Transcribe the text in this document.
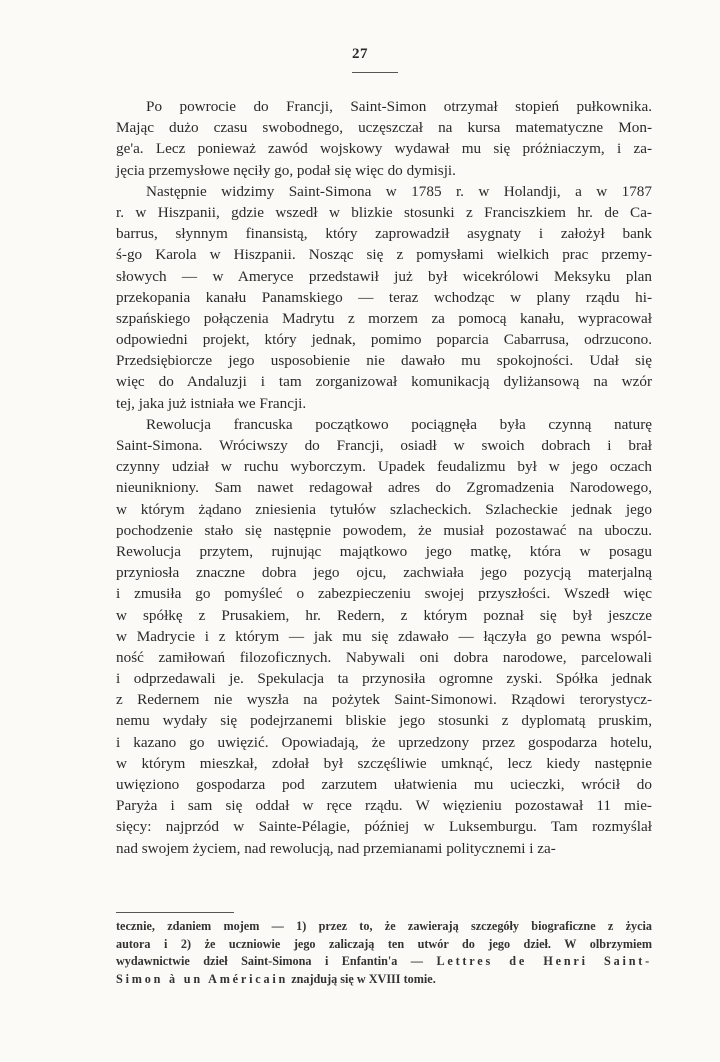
27
Po powrocie do Francji, Saint-Simon otrzymał stopień pułkownika.
Mając dużo czasu swobodnego, uczęszczał na kursa matematyczne Mon-
ge'a. Lecz ponieważ zawód wojskowy wydawał mu się próżniaczym, i za-
jęcia przemysłowe nęciły go, podał się więc do dymisji.
Następnie widzimy Saint-Simona w 1785 r. w Holandji, a w 1787
r. w Hiszpanii, gdzie wszedł w blizkie stosunki z Franciszkiem hr. de Ca-
barrus, słynnym finansistą, który zaprowadził asygnaty i założył bank
ś-go Karola w Hiszpanii. Nosząc się z pomysłami wielkich prac przemy-
słowych — w Ameryce przedstawił już był wicekrólowi Meksyku plan
przekopania kanału Panamskiego — teraz wchodząc w plany rządu hi-
szpańskiego połączenia Madrytu z morzem za pomocą kanału, wypracował
odpowiedni projekt, który jednak, pomimo poparcia Cabarrusa, odrzucono.
Przedsiębiorcze jego usposobienie nie dawało mu spokojności. Udał się
więc do Andaluzji i tam zorganizował komunikacją dyliżansową na wzór
tej, jaka już istniała we Francji.
Rewolucja francuska początkowo pociągnęła była czynną naturę
Saint-Simona. Wróciwszy do Francji, osiadł w swoich dobrach i brał
czynny udział w ruchu wyborczym. Upadek feudalizmu był w jego oczach
nieunikniony. Sam nawet redagował adres do Zgromadzenia Narodowego,
w którym żądano zniesienia tytułów szlacheckich. Szlacheckie jednak jego
pochodzenie stało się następnie powodem, że musiał pozostawać na uboczu.
Rewolucja przytem, rujnując majątkowo jego matkę, która w posagu
przyniosła znaczne dobra jego ojcu, zachwiała jego pozycją materjalną
i zmusiła go pomyśleć o zabezpieczeniu swojej przyszłości. Wszedł więc
w spółkę z Prusakiem, hr. Redern, z którym poznał się był jeszcze
w Madrycie i z którym — jak mu się zdawało — łączyła go pewna wspól-
ność zamiłowań filozoficznych. Nabywali oni dobra narodowe, parcelowali
i odprzedawali je. Spekulacja ta przynosiła ogromne zyski. Spółka jednak
z Redernem nie wyszła na pożytek Saint-Simonowi. Rządowi terorystycz-
nemu wydały się podejrzanemi bliskie jego stosunki z dyplomatą pruskim,
i kazano go uwięzić. Opowiadają, że uprzedzony przez gospodarza hotelu,
w którym mieszkał, zdołał był szczęśliwie umknąć, lecz kiedy następnie
uwięziono gospodarza pod zarzutem ułatwienia mu ucieczki, wrócił do
Paryża i sam się oddał w ręce rządu. W więzieniu pozostawał 11 mie-
sięcy: najprzód w Sainte-Pélagie, później w Luksemburgu. Tam rozmyślał
nad swojem życiem, nad rewolucją, nad przemianami politycznemi i za-
tecznie, zdaniem mojem — 1) przez to, że zawierają szczegóły biograficzne z życia
autora i 2) że uczniowie jego zaliczają ten utwór do jego dzieł. W olbrzymiem
wydawnictwie dzieł Saint-Simona i Enfantin'a — Lettres de Henri Saint-
Simon à un Américain znajdują się w XVIII tomie.
